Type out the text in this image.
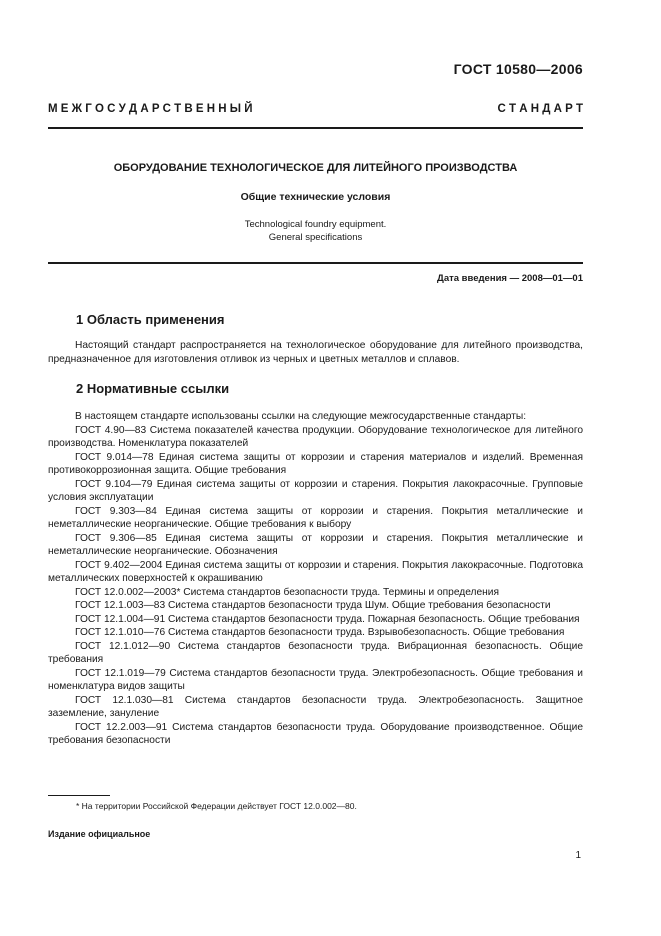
ГОСТ 10580—2006
М Е Ж Г О С У Д А Р С Т В Е Н Н Ы Й	С Т А Н Д А Р Т
ОБОРУДОВАНИЕ ТЕХНОЛОГИЧЕСКОЕ ДЛЯ ЛИТЕЙНОГО ПРОИЗВОДСТВА
Общие технические условия
Technological foundry equipment.
General specifications
Дата введения — 2008—01—01
1 Область применения

Настоящий стандарт распространяется на технологическое оборудование для литейного производства, предназначенное для изготовления отливок из черных и цветных металлов и сплавов.

2 Нормативные ссылки

В настоящем стандарте использованы ссылки на следующие межгосударственные стандарты:

ГОСТ 4.90—83 Система показателей качества продукции. Оборудование технологическое для литейного производства. Номенклатура показателей

ГОСТ 9.014—78 Единая система защиты от коррозии и старения материалов и изделий. Временная противокоррозионная защита. Общие требования

ГОСТ 9.104—79 Единая система защиты от коррозии и старения. Покрытия лакокрасочные. Групповые условия эксплуатации

ГОСТ 9.303—84 Единая система защиты от коррозии и старения. Покрытия металлические и неметаллические неорганические. Общие требования к выбору

ГОСТ 9.306—85 Единая система защиты от коррозии и старения. Покрытия металлические и неметаллические неорганические. Обозначения

ГОСТ 9.402—2004 Единая система защиты от коррозии и старения. Покрытия лакокрасочные. Подготовка металлических поверхностей к окрашиванию

ГОСТ 12.0.002—2003* Система стандартов безопасности труда. Термины и определения

ГОСТ 12.1.003—83 Система стандартов безопасности труда Шум. Общие требования безопасности

ГОСТ 12.1.004—91 Система стандартов безопасности труда. Пожарная безопасность. Общие требования

ГОСТ 12.1.010—76 Система стандартов безопасности труда. Взрывобезопасность. Общие требования

ГОСТ 12.1.012—90 Система стандартов безопасности труда. Вибрационная безопасность. Общие требования

ГОСТ 12.1.019—79 Система стандартов безопасности труда. Электробезопасность. Общие требования и номенклатура видов защиты

ГОСТ 12.1.030—81 Система стандартов безопасности труда. Электробезопасность. Защитное заземление, зануление

ГОСТ 12.2.003—91 Система стандартов безопасности труда. Оборудование производственное. Общие требования безопасности

* На территории Российской Федерации действует ГОСТ 12.0.002—80.
Издание официальное
1
